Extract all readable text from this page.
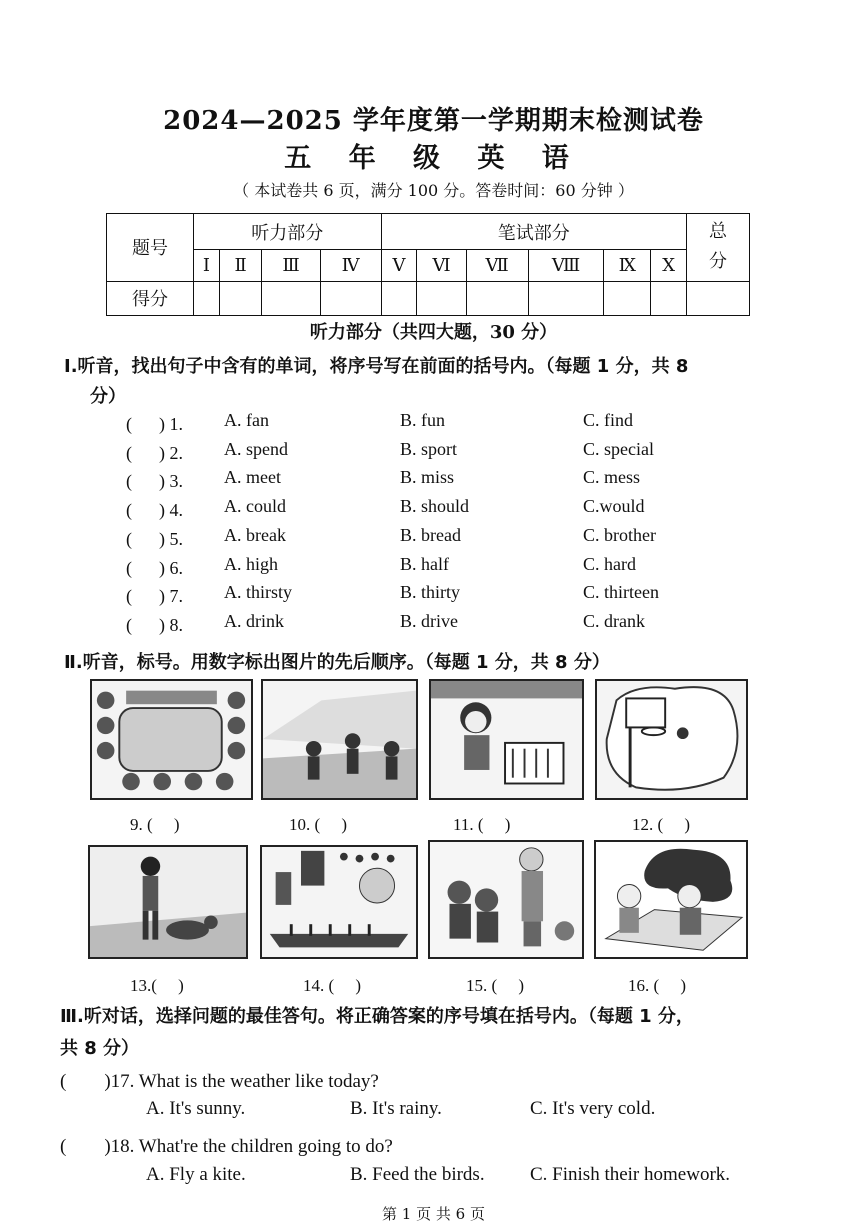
2024—2025 学年度第一学期期末检测试卷
五 年 级 英 语
（ 本试卷共 6 页，满分 100 分。答卷时间：60 分钟 ）
题号	听力部分				笔试部分						总分
	Ⅰ	Ⅱ	Ⅲ	Ⅳ	Ⅴ	Ⅵ	Ⅶ	Ⅷ	Ⅸ	Ⅹ	
得分											
听力部分（共四大题，30 分）
Ⅰ.听音，找出句子中含有的单词，将序号写在前面的括号内。（每题 1 分，共 8
分）
( 　 ) 1. A. fan	B. fun	C. find
( 　 ) 2. A. spend	B. sport	C. special
( 　 ) 3. A. meet	B. miss	C. mess
( 　 ) 4. A. could	B. should	C.would
( 　 ) 5. A. break	B. bread	C. brother
( 　 ) 6. A. high	B. half	C. hard
( 　 ) 7. A. thirsty	B. thirty	C. thirteen
( 　 ) 8. A. drink	B. drive	C. drank
Ⅱ.听音，标号。用数字标出图片的先后顺序。（每题 1 分，共 8 分）
9. (　 )	10. (　 )	11. (　 )	12. (　 )
13.(　 )	14. (　 )	15. (　 )	16. (　 )
Ⅲ.听对话，选择问题的最佳答句。将正确答案的序号填在括号内。（每题 1 分，
共 8 分）
(　　)17. What is the weather like today?
A. It's sunny.	B. It's rainy.	C. It's very cold.
(　　)18. What're the children going to do?
A. Fly a kite.	B. Feed the birds. C. Finish their homework.
第 1 页 共 6 页
